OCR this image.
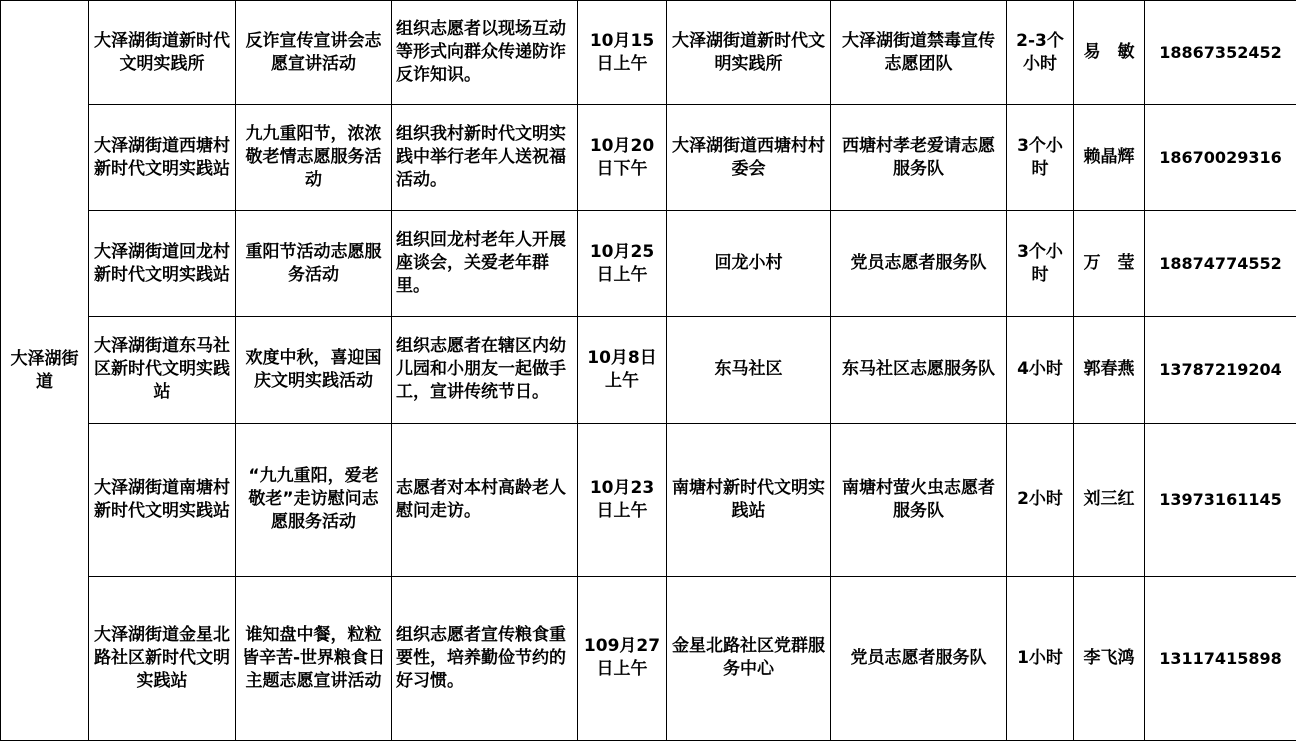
大泽湖街道	大泽湖街道新时代文明实践所	反诈宣传宣讲会志愿宣讲活动	组织志愿者以现场互动等形式向群众传递防诈反诈知识。	10月15日上午	大泽湖街道新时代文明实践所	大泽湖街道禁毒宣传志愿团队	2-3个小时	易　敏	18867352452
	大泽湖街道西塘村新时代文明实践站	九九重阳节，浓浓敬老情志愿服务活动	组织我村新时代文明实践中举行老年人送祝福活动。	10月20日下午	大泽湖街道西塘村村委会	西塘村孝老爱请志愿服务队	3个小时	赖晶辉	18670029316
	大泽湖街道回龙村新时代文明实践站	重阳节活动志愿服务活动	组织回龙村老年人开展座谈会，关爱老年群里。	10月25日上午	回龙小村	党员志愿者服务队	3个小时	万　莹	18874774552
	大泽湖街道东马社区新时代文明实践站	欢度中秋，喜迎国庆文明实践活动	组织志愿者在辖区内幼儿园和小朋友一起做手工，宣讲传统节日。	10月8日上午	东马社区	东马社区志愿服务队	4小时	郭春燕	13787219204
	大泽湖街道南塘村新时代文明实践站	“九九重阳，爱老敬老”走访慰问志愿服务活动	志愿者对本村高龄老人慰问走访。	10月23日上午	南塘村新时代文明实践站	南塘村萤火虫志愿者服务队	2小时	刘三红	13973161145
	大泽湖街道金星北路社区新时代文明实践站	谁知盘中餐，粒粒皆辛苦-世界粮食日主题志愿宣讲活动	组织志愿者宣传粮食重要性，培养勤俭节约的好习惯。	109月27日上午	金星北路社区党群服务中心	党员志愿者服务队	1小时	李飞鸿	13117415898
